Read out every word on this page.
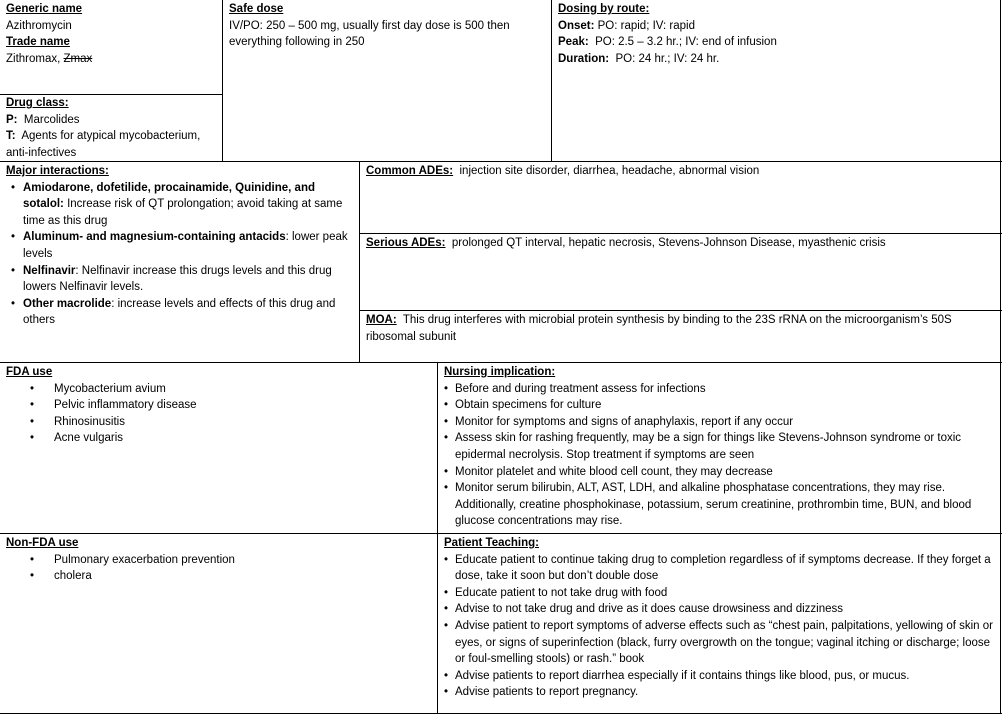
Generic name
Azithromycin
Trade name
Zithromax, Zmax
Drug class:
P: Marcolides
T: Agents for atypical mycobacterium, anti-infectives
Safe dose
IV/PO: 250 – 500 mg, usually first day dose is 500 then everything following in 250
Dosing by route:
Onset: PO: rapid; IV: rapid
Peak: PO: 2.5 – 3.2 hr.; IV: end of infusion
Duration: PO: 24 hr.; IV: 24 hr.
Major interactions:
• Amiodarone, dofetilide, procainamide, Quinidine, and sotalol: Increase risk of QT prolongation; avoid taking at same time as this drug
• Aluminum- and magnesium-containing antacids: lower peak levels
• Nelfinavir: Nelfinavir increase this drugs levels and this drug lowers Nelfinavir levels.
• Other macrolide: increase levels and effects of this drug and others
Common ADEs: injection site disorder, diarrhea, headache, abnormal vision
Serious ADEs: prolonged QT interval, hepatic necrosis, Stevens-Johnson Disease, myasthenic crisis
MOA: This drug interferes with microbial protein synthesis by binding to the 23S rRNA on the microorganism’s 50S ribosomal subunit
FDA use
• Mycobacterium avium
• Pelvic inflammatory disease
• Rhinosinusitis
• Acne vulgaris
Nursing implication:
• Before and during treatment assess for infections
• Obtain specimens for culture
• Monitor for symptoms and signs of anaphylaxis, report if any occur
• Assess skin for rashing frequently, may be a sign for things like Stevens-Johnson syndrome or toxic epidermal necrolysis. Stop treatment if symptoms are seen
• Monitor platelet and white blood cell count, they may decrease
• Monitor serum bilirubin, ALT, AST, LDH, and alkaline phosphatase concentrations, they may rise. Additionally, creatine phosphokinase, potassium, serum creatinine, prothrombin time, BUN, and blood glucose concentrations may rise.
Non-FDA use
• Pulmonary exacerbation prevention
• cholera
Patient Teaching:
• Educate patient to continue taking drug to completion regardless of if symptoms decrease. If they forget a dose, take it soon but don’t double dose
• Educate patient to not take drug with food
• Advise to not take drug and drive as it does cause drowsiness and dizziness
• Advise patient to report symptoms of adverse effects such as “chest pain, palpitations, yellowing of skin or eyes, or signs of superinfection (black, furry overgrowth on the tongue; vaginal itching or discharge; loose or foul-smelling stools) or rash.” book
• Advise patients to report diarrhea especially if it contains things like blood, pus, or mucus.
• Advise patients to report pregnancy.
